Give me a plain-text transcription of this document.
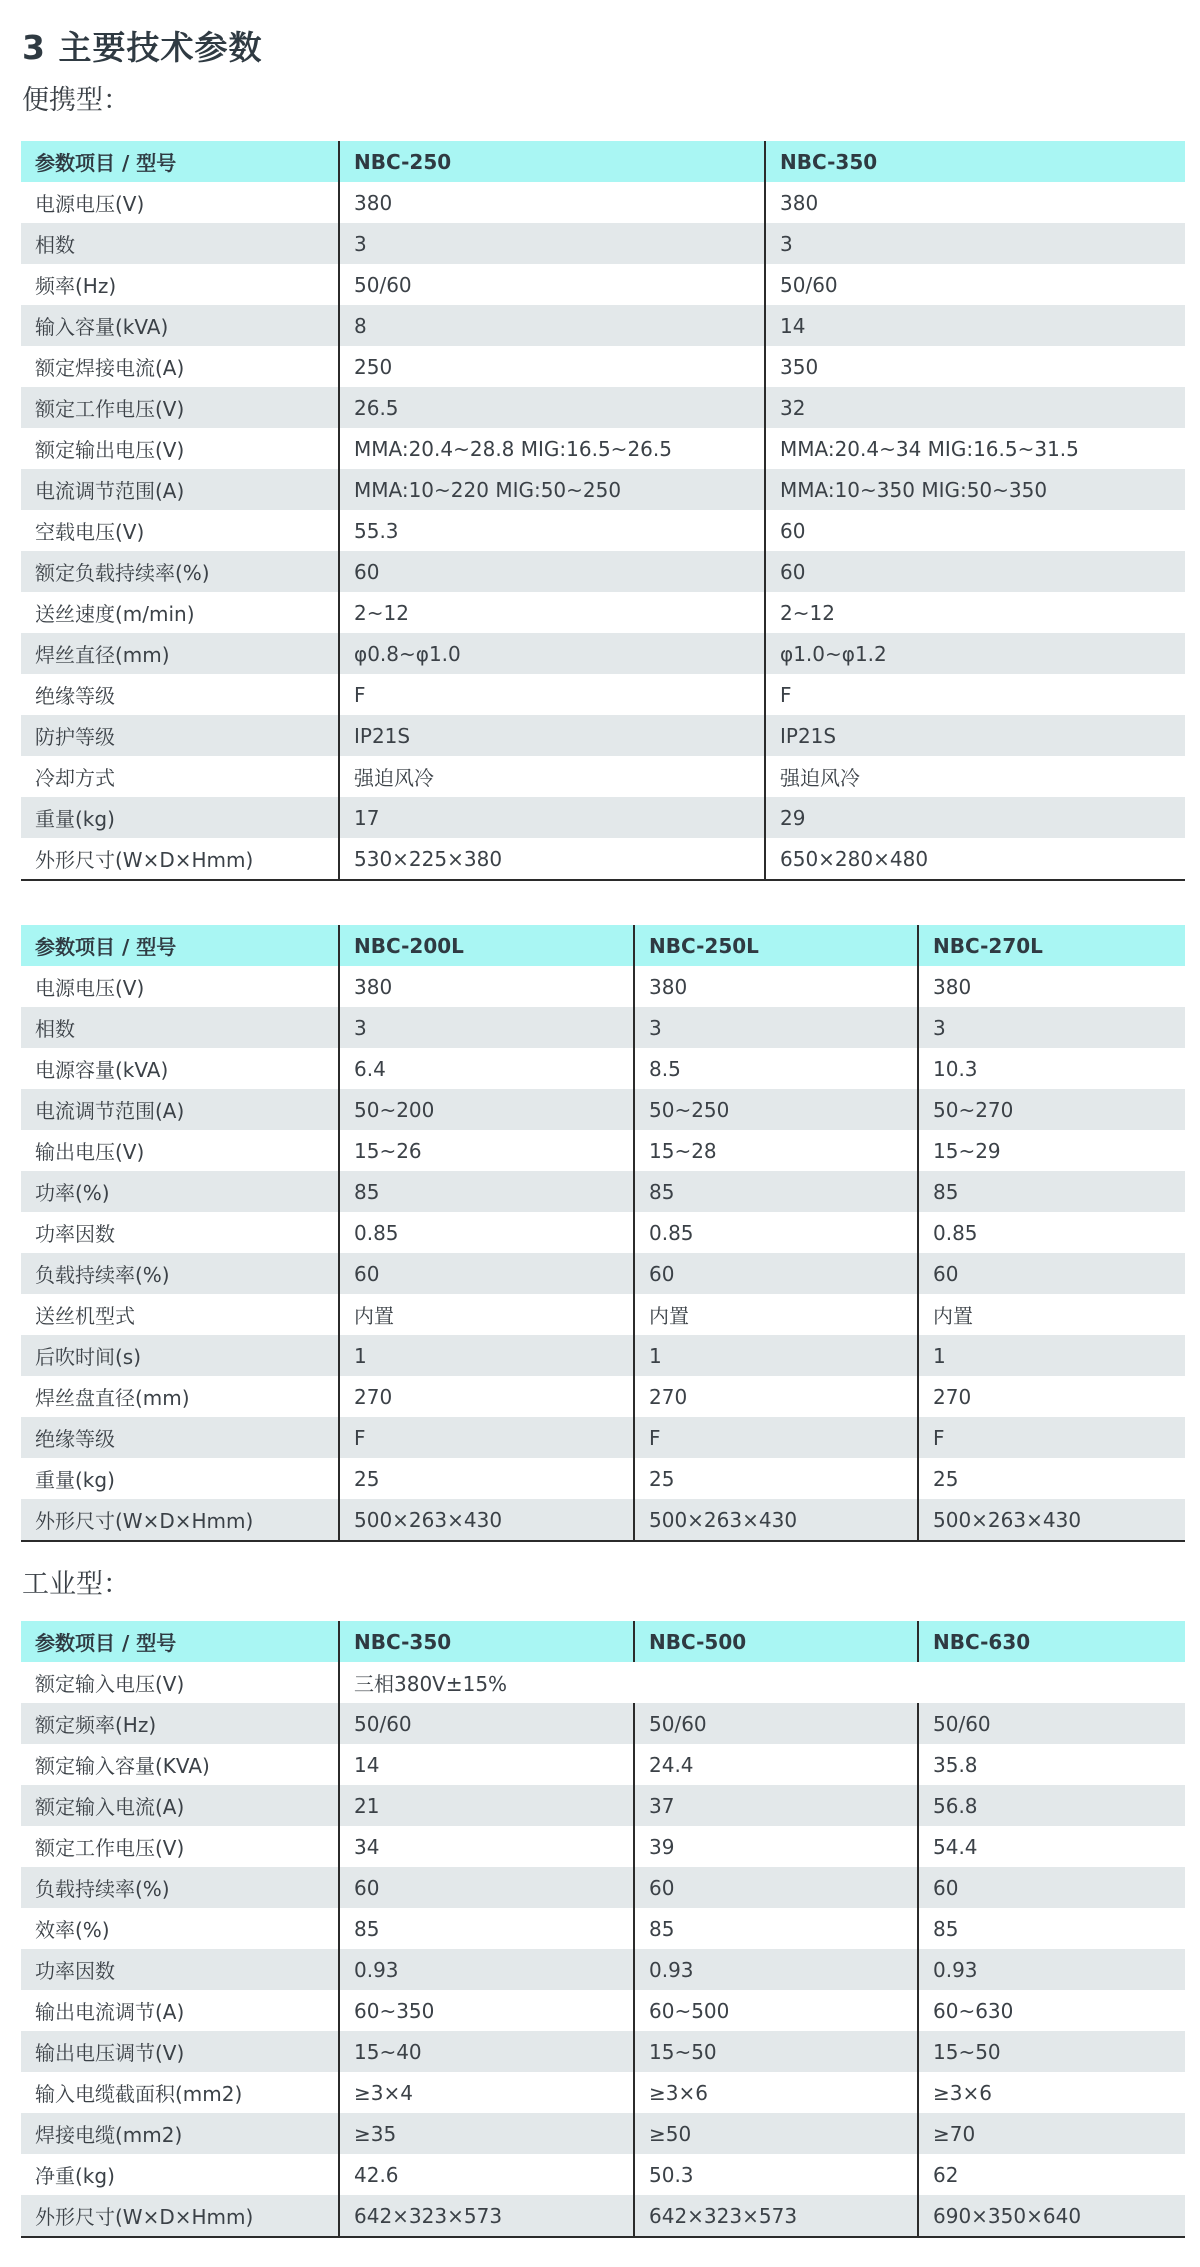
3 主要技术参数
便携型：
参数项目 / 型号	NBC-250	NBC-350
电源电压(V)	380	380
相数	3	3
频率(Hz)	50/60	50/60
输入容量(kVA)	8	14
额定焊接电流(A)	250	350
额定工作电压(V)	26.5	32
额定输出电压(V)	MMA:20.4~28.8 MIG:16.5~26.5	MMA:20.4~34 MIG:16.5~31.5
电流调节范围(A)	MMA:10~220 MIG:50~250	MMA:10~350 MIG:50~350
空载电压(V)	55.3	60
额定负载持续率(%)	60	60
送丝速度(m/min)	2~12	2~12
焊丝直径(mm)	φ0.8~φ1.0	φ1.0~φ1.2
绝缘等级	F	F
防护等级	IP21S	IP21S
冷却方式	强迫风冷	强迫风冷
重量(kg)	17	29
外形尺寸(W×D×Hmm)	530×225×380	650×280×480
参数项目 / 型号	NBC-200L	NBC-250L	NBC-270L
电源电压(V)	380	380	380
相数	3	3	3
电源容量(kVA)	6.4	8.5	10.3
电流调节范围(A)	50~200	50~250	50~270
输出电压(V)	15~26	15~28	15~29
功率(%)	85	85	85
功率因数	0.85	0.85	0.85
负载持续率(%)	60	60	60
送丝机型式	内置	内置	内置
后吹时间(s)	1	1	1
焊丝盘直径(mm)	270	270	270
绝缘等级	F	F	F
重量(kg)	25	25	25
外形尺寸(W×D×Hmm)	500×263×430	500×263×430	500×263×430
工业型：
参数项目 / 型号	NBC-350	NBC-500	NBC-630
额定输入电压(V)	三相380V±15%		
额定频率(Hz)	50/60	50/60	50/60
额定输入容量(KVA)	14	24.4	35.8
额定输入电流(A)	21	37	56.8
额定工作电压(V)	34	39	54.4
负载持续率(%)	60	60	60
效率(%)	85	85	85
功率因数	0.93	0.93	0.93
输出电流调节(A)	60~350	60~500	60~630
输出电压调节(V)	15~40	15~50	15~50
输入电缆截面积(mm2)	≥3×4	≥3×6	≥3×6
焊接电缆(mm2)	≥35	≥50	≥70
净重(kg)	42.6	50.3	62
外形尺寸(W×D×Hmm)	642×323×573	642×323×573	690×350×640
